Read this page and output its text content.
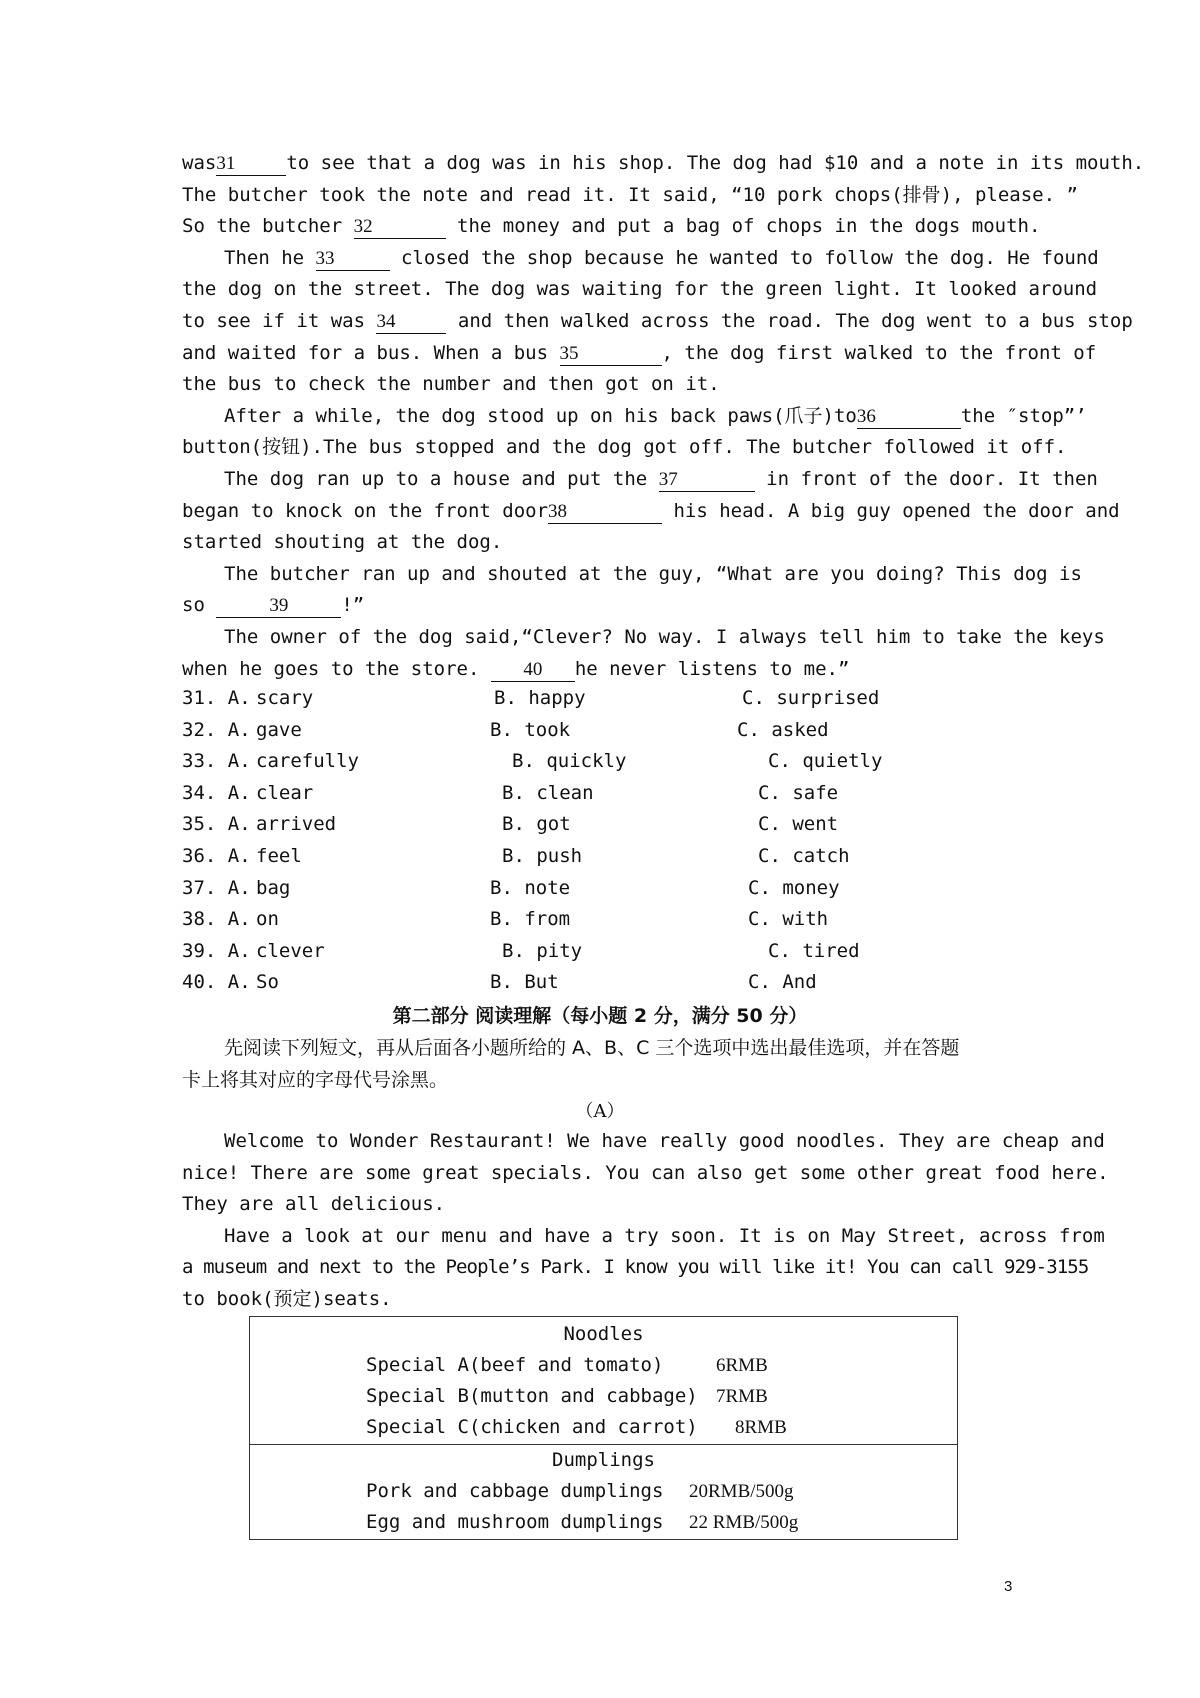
was31	to see that a dog was in his shop. The dog had $10 and a note in its mouth.
The butcher took the note and read it. It said, “10 pork chops(排骨), please. ”
So the butcher 32	the money and put a bag of chops in the dogs mouth.
Then he 33	closed the shop because he wanted to follow the dog. He found
the dog on the street. The dog was waiting for the green light. It looked around
to see if it was 34	and then walked across the road. The dog went to a bus stop
and waited for a bus. When a bus 35	, the dog first walked to the front of
the bus to check the number and then got on it.
After a while, the dog stood up on his back paws(爪子)to36	the ″stop”’
button(按钮).The bus stopped and the dog got off. The butcher followed it off.
The dog ran up to a house and put the 37	in front of the door. It then
began to knock on the front door38	his head. A big guy opened the door and
started shouting at the dog.
The butcher ran up and shouted at the guy, “What are you doing? This dog is
so	39	!”
The owner of the dog said,“Clever? No way. I always tell him to take the keys
when he goes to the store. 40 he never listens to me.”
31. A. scary	B. happy	C. surprised
32. A. gave	B. took	C. asked
33. A. carefully	B. quickly	C. quietly
34. A. clear	B. clean	C. safe
35. A. arrived	B. got	C. went
36. A. feel	B. push	C. catch
37. A. bag	B. note	C. money
38. A. on	B. from	C. with
39. A. clever	B. pity	C. tired
40. A. So	B. But	C. And
第二部分 阅读理解（每小题 2 分，满分 50 分）
先阅读下列短文，再从后面各小题所给的 A、B、C 三个选项中选出最佳选项，并在答题
卡上将其对应的字母代号涂黑。
（A）
Welcome to Wonder Restaurant! We have really good noodles. They are cheap and
nice! There are some great specials. You can also get some other great food here.
They are all delicious.
Have a look at our menu and have a try soon. It is on May Street, across from
a museum and next to the People’s Park. I know you will like it! You can call 929-3155
to book(预定)seats.
Noodles
Special A(beef and tomato)	6RMB
Special B(mutton and cabbage) 7RMB
Special C(chicken and carrot) 8RMB
Dumplings
Pork and cabbage dumplings 20RMB/500g
Egg and mushroom dumplings 22 RMB/500g
3
